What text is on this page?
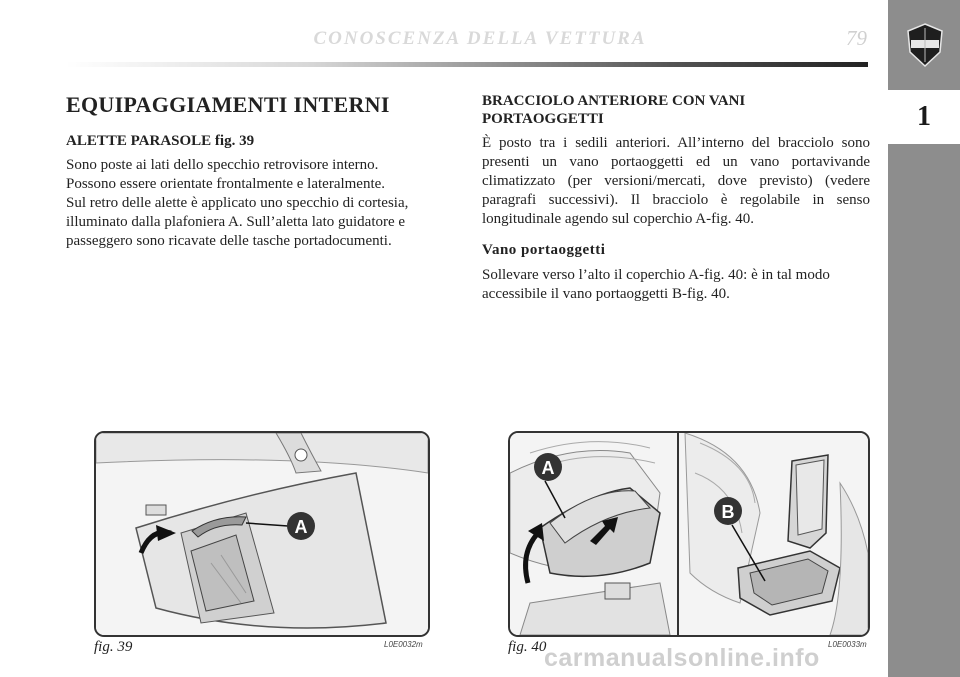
CONOSCENZA DELLA VETTURA	79
1
EQUIPAGGIAMENTI INTERNI
ALETTE PARASOLE fig. 39

Sono poste ai lati dello specchio retrovisore interno.

Possono essere orientate frontalmente e lateralmente.

Sul retro delle alette è applicato uno specchio di cortesia, illuminato dalla plafoniera A. Sull’aletta lato guidatore e passeggero sono ricavate delle tasche portadocumenti.

BRACCIOLO ANTERIORE CON VANI PORTAOGGETTI

È posto tra i sedili anteriori. All’interno del bracciolo sono presenti un vano portaoggetti ed un vano portavivande climatizzato (per versioni/mercati, dove previsto) (vedere paragrafi successivi). Il bracciolo è regolabile in senso longitudinale agendo sul coperchio A-fig. 40.

Vano portaoggetti

Sollevare verso l’alto il coperchio A-fig. 40: è in tal modo accessibile il vano portaoggetti B-fig. 40.

A
fig. 39	L0E0032m
A
B
fig. 40	L0E0033m
carmanualsonline.info
